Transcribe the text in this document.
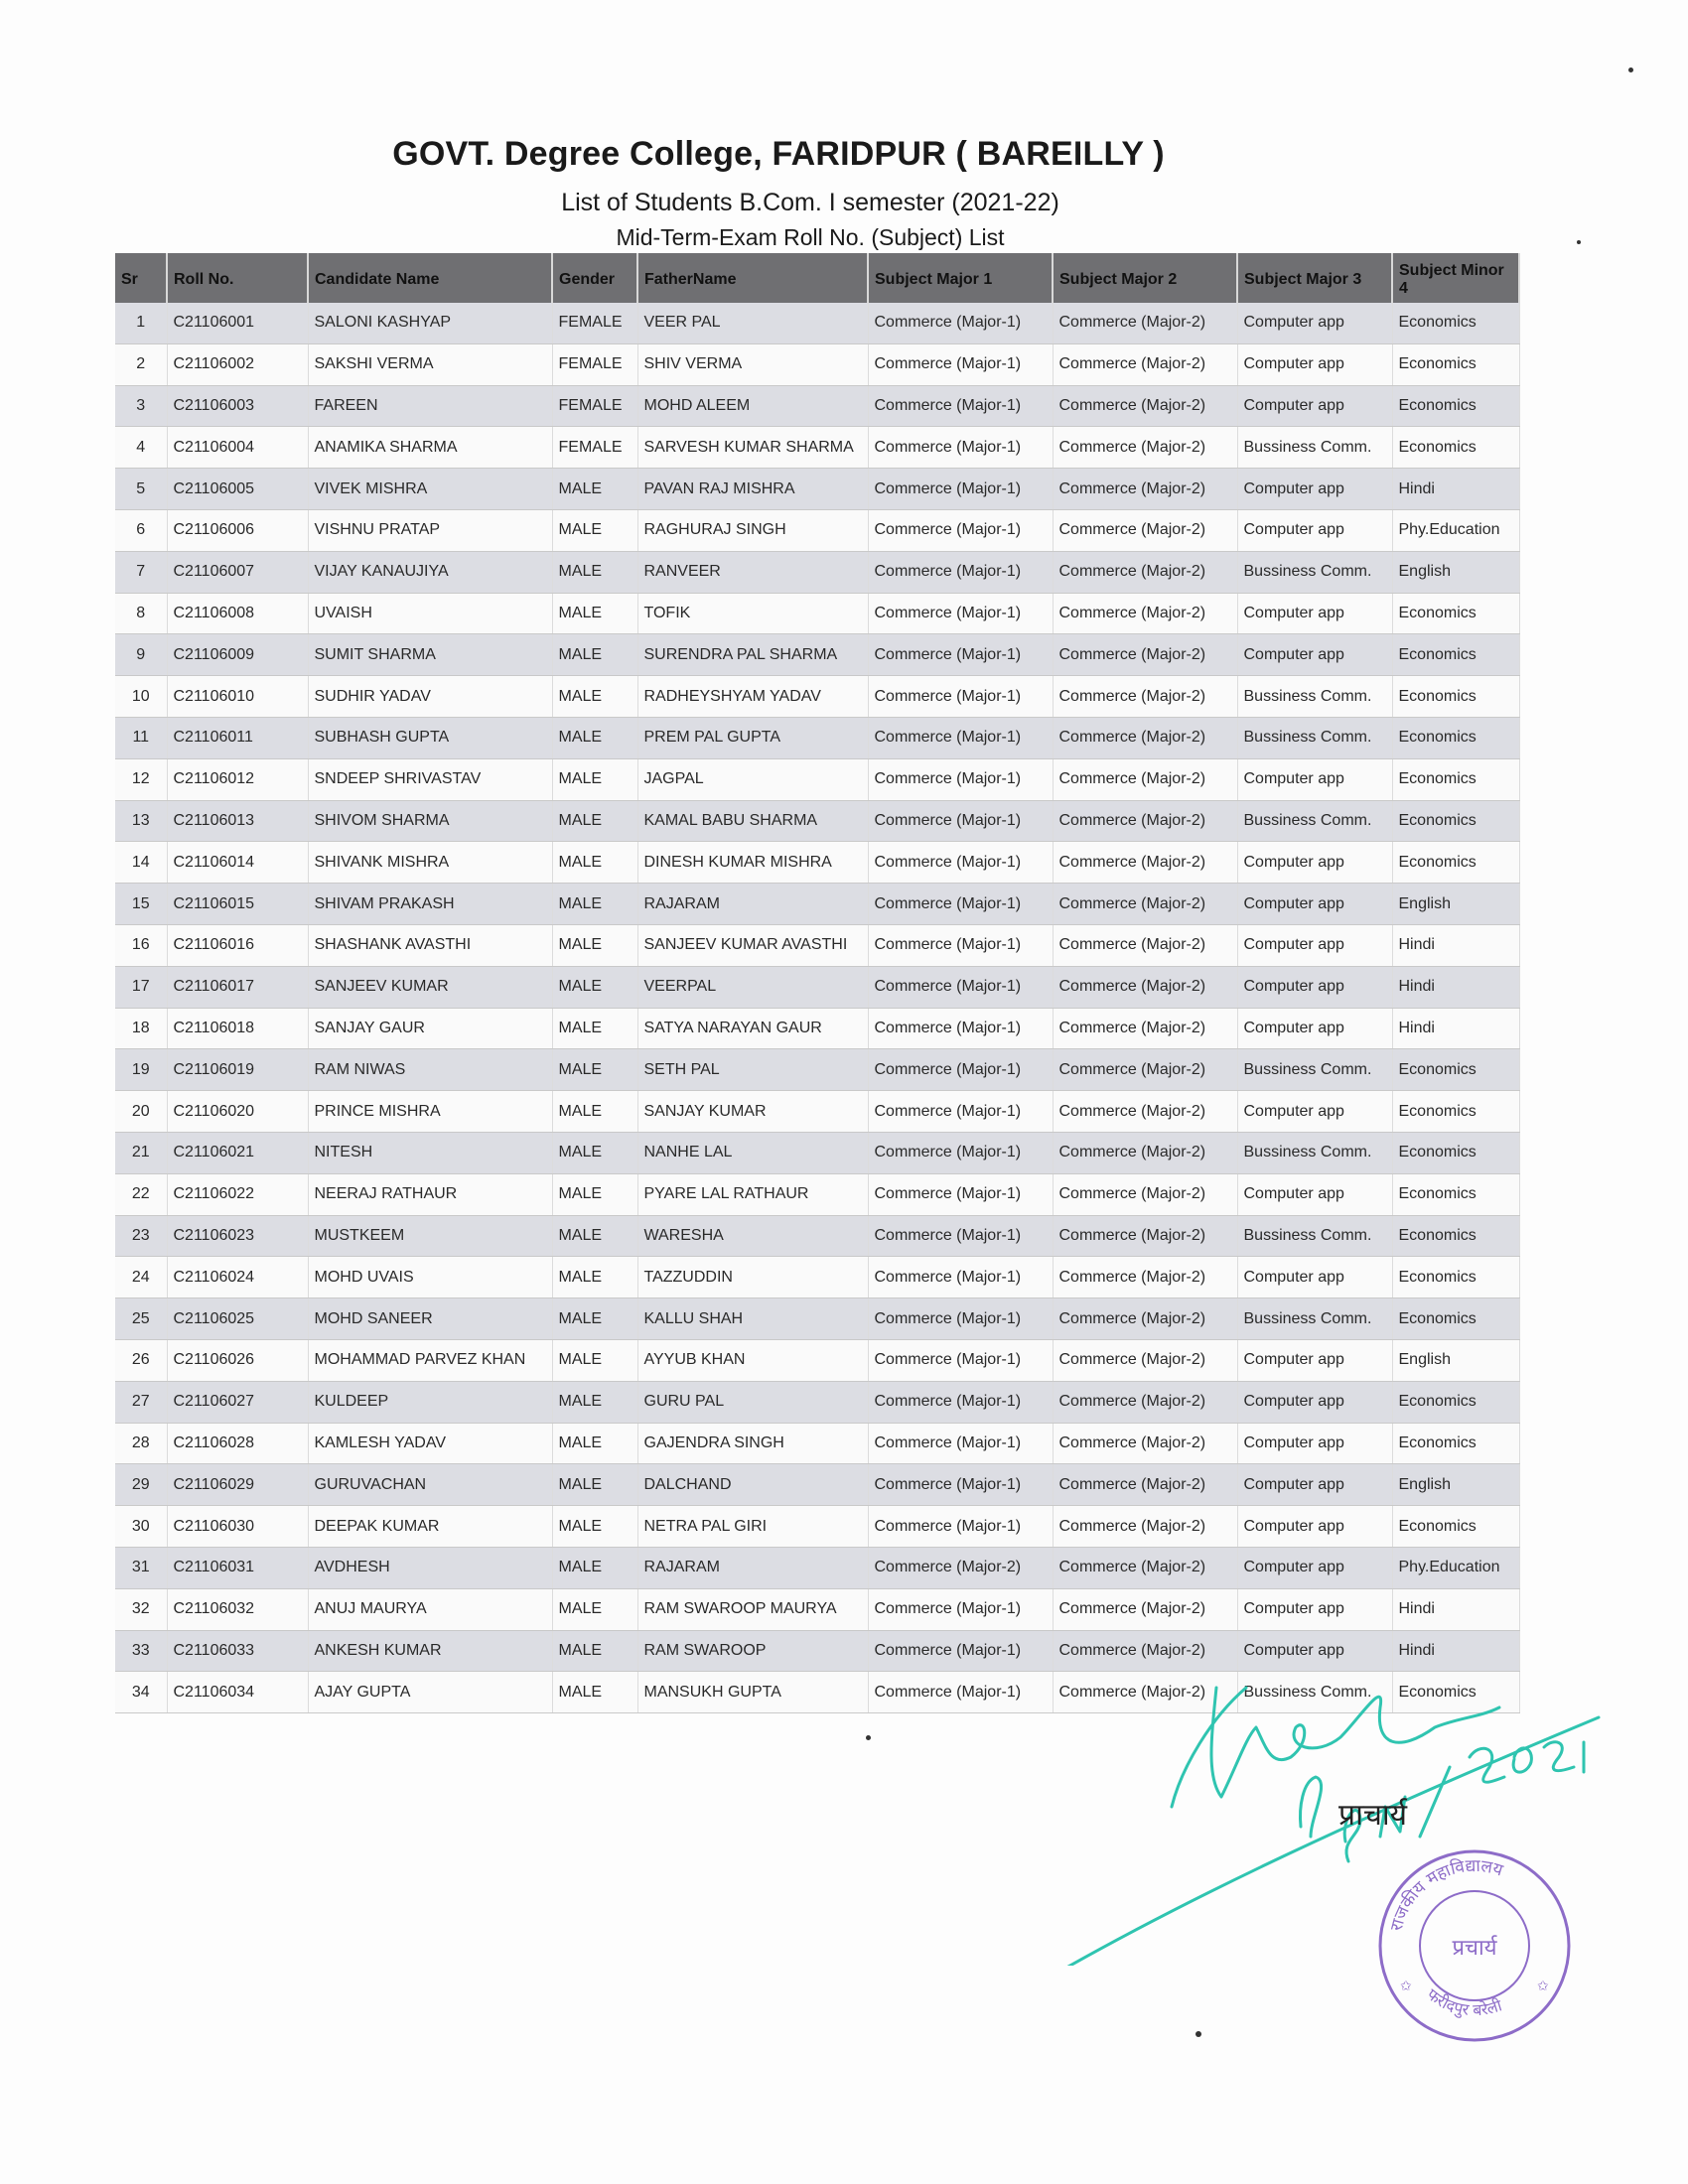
GOVT. Degree College, FARIDPUR ( BAREILLY )
List of Students B.Com. I semester (2021-22)
Mid-Term-Exam Roll No. (Subject) List
Sr	Roll No.	Candidate Name	Gender	FatherName	Subject Major 1	Subject Major 2	Subject Major 3	Subject Minor 4
1	C21106001	SALONI KASHYAP	FEMALE	VEER PAL	Commerce (Major-1)	Commerce (Major-2)	Computer app	Economics
2	C21106002	SAKSHI VERMA	FEMALE	SHIV VERMA	Commerce (Major-1)	Commerce (Major-2)	Computer app	Economics
3	C21106003	FAREEN	FEMALE	MOHD ALEEM	Commerce (Major-1)	Commerce (Major-2)	Computer app	Economics
4	C21106004	ANAMIKA SHARMA	FEMALE	SARVESH KUMAR SHARMA	Commerce (Major-1)	Commerce (Major-2)	Bussiness Comm.	Economics
5	C21106005	VIVEK MISHRA	MALE	PAVAN RAJ MISHRA	Commerce (Major-1)	Commerce (Major-2)	Computer app	Hindi
6	C21106006	VISHNU PRATAP	MALE	RAGHURAJ SINGH	Commerce (Major-1)	Commerce (Major-2)	Computer app	Phy.Education
7	C21106007	VIJAY KANAUJIYA	MALE	RANVEER	Commerce (Major-1)	Commerce (Major-2)	Bussiness Comm.	English
8	C21106008	UVAISH	MALE	TOFIK	Commerce (Major-1)	Commerce (Major-2)	Computer app	Economics
9	C21106009	SUMIT SHARMA	MALE	SURENDRA PAL SHARMA	Commerce (Major-1)	Commerce (Major-2)	Computer app	Economics
10	C21106010	SUDHIR YADAV	MALE	RADHEYSHYAM YADAV	Commerce (Major-1)	Commerce (Major-2)	Bussiness Comm.	Economics
11	C21106011	SUBHASH GUPTA	MALE	PREM PAL GUPTA	Commerce (Major-1)	Commerce (Major-2)	Bussiness Comm.	Economics
12	C21106012	SNDEEP SHRIVASTAV	MALE	JAGPAL	Commerce (Major-1)	Commerce (Major-2)	Computer app	Economics
13	C21106013	SHIVOM SHARMA	MALE	KAMAL BABU SHARMA	Commerce (Major-1)	Commerce (Major-2)	Bussiness Comm.	Economics
14	C21106014	SHIVANK MISHRA	MALE	DINESH KUMAR MISHRA	Commerce (Major-1)	Commerce (Major-2)	Computer app	Economics
15	C21106015	SHIVAM PRAKASH	MALE	RAJARAM	Commerce (Major-1)	Commerce (Major-2)	Computer app	English
16	C21106016	SHASHANK AVASTHI	MALE	SANJEEV KUMAR AVASTHI	Commerce (Major-1)	Commerce (Major-2)	Computer app	Hindi
17	C21106017	SANJEEV KUMAR	MALE	VEERPAL	Commerce (Major-1)	Commerce (Major-2)	Computer app	Hindi
18	C21106018	SANJAY GAUR	MALE	SATYA NARAYAN GAUR	Commerce (Major-1)	Commerce (Major-2)	Computer app	Hindi
19	C21106019	RAM NIWAS	MALE	SETH PAL	Commerce (Major-1)	Commerce (Major-2)	Bussiness Comm.	Economics
20	C21106020	PRINCE MISHRA	MALE	SANJAY KUMAR	Commerce (Major-1)	Commerce (Major-2)	Computer app	Economics
21	C21106021	NITESH	MALE	NANHE LAL	Commerce (Major-1)	Commerce (Major-2)	Bussiness Comm.	Economics
22	C21106022	NEERAJ RATHAUR	MALE	PYARE LAL RATHAUR	Commerce (Major-1)	Commerce (Major-2)	Computer app	Economics
23	C21106023	MUSTKEEM	MALE	WARESHA	Commerce (Major-1)	Commerce (Major-2)	Bussiness Comm.	Economics
24	C21106024	MOHD UVAIS	MALE	TAZZUDDIN	Commerce (Major-1)	Commerce (Major-2)	Computer app	Economics
25	C21106025	MOHD SANEER	MALE	KALLU SHAH	Commerce (Major-1)	Commerce (Major-2)	Bussiness Comm.	Economics
26	C21106026	MOHAMMAD PARVEZ KHAN	MALE	AYYUB KHAN	Commerce (Major-1)	Commerce (Major-2)	Computer app	English
27	C21106027	KULDEEP	MALE	GURU PAL	Commerce (Major-1)	Commerce (Major-2)	Computer app	Economics
28	C21106028	KAMLESH YADAV	MALE	GAJENDRA SINGH	Commerce (Major-1)	Commerce (Major-2)	Computer app	Economics
29	C21106029	GURUVACHAN	MALE	DALCHAND	Commerce (Major-1)	Commerce (Major-2)	Computer app	English
30	C21106030	DEEPAK KUMAR	MALE	NETRA PAL GIRI	Commerce (Major-1)	Commerce (Major-2)	Computer app	Economics
31	C21106031	AVDHESH	MALE	RAJARAM	Commerce (Major-2)	Commerce (Major-2)	Computer app	Phy.Education
32	C21106032	ANUJ MAURYA	MALE	RAM SWAROOP MAURYA	Commerce (Major-1)	Commerce (Major-2)	Computer app	Hindi
33	C21106033	ANKESH KUMAR	MALE	RAM SWAROOP	Commerce (Major-1)	Commerce (Major-2)	Computer app	Hindi
34	C21106034	AJAY GUPTA	MALE	MANSUKH GUPTA	Commerce (Major-1)	Commerce (Major-2)	Bussiness Comm.	Economics
प्राचार्य
राजकीय महाविद्यालय
फरीदपुर बरेली
प्रचार्य
✩	✩
